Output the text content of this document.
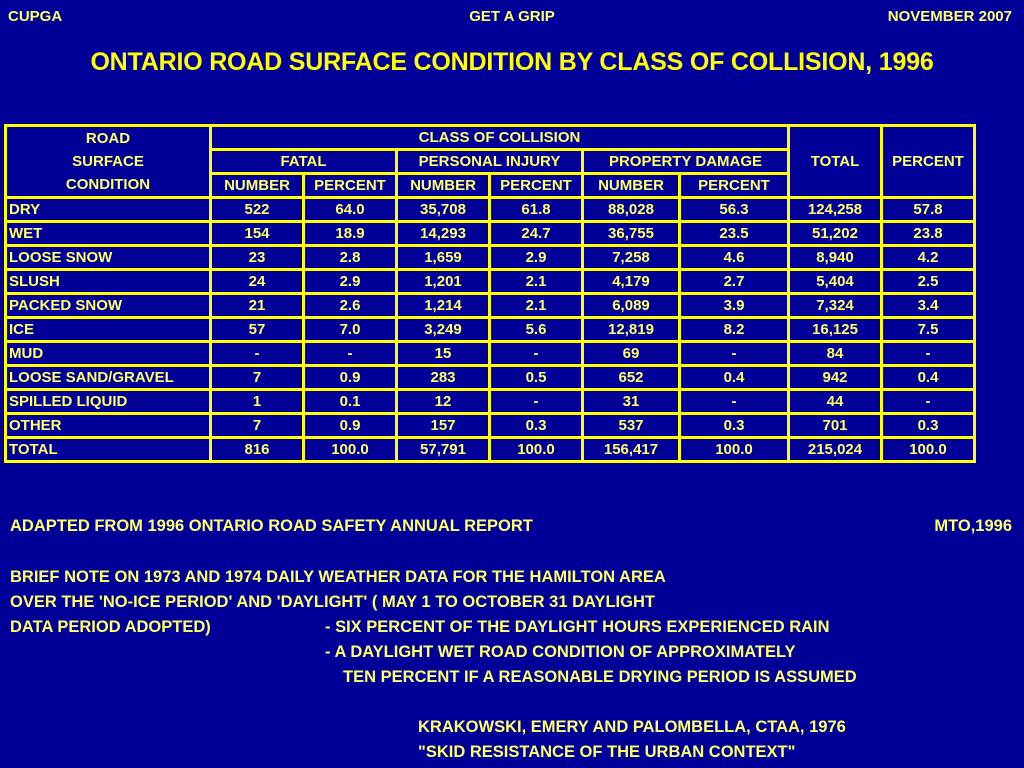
CUPGA	GET A GRIP	NOVEMBER 2007
ONTARIO ROAD SURFACE CONDITION BY CLASS OF COLLISION, 1996
ROAD
SURFACE
CONDITION	CLASS OF COLLISION						TOTAL	PERCENT
	FATAL		PERSONAL INJURY		PROPERTY DAMAGE			
	NUMBER	PERCENT	NUMBER	PERCENT	NUMBER	PERCENT		
DRY	522	64.0	35,708	61.8	88,028	56.3	124,258	57.8
WET	154	18.9	14,293	24.7	36,755	23.5	51,202	23.8
LOOSE SNOW	23	2.8	1,659	2.9	7,258	4.6	8,940	4.2
SLUSH	24	2.9	1,201	2.1	4,179	2.7	5,404	2.5
PACKED SNOW	21	2.6	1,214	2.1	6,089	3.9	7,324	3.4
ICE	57	7.0	3,249	5.6	12,819	8.2	16,125	7.5
MUD	-	-	15	-	69	-	84	-
LOOSE SAND/GRAVEL	7	0.9	283	0.5	652	0.4	942	0.4
SPILLED LIQUID	1	0.1	12	-	31	-	44	-
OTHER	7	0.9	157	0.3	537	0.3	701	0.3
TOTAL	816	100.0	57,791	100.0	156,417	100.0	215,024	100.0
ADAPTED FROM 1996 ONTARIO ROAD SAFETY ANNUAL REPORT	MTO,1996
BRIEF NOTE ON 1973 AND 1974 DAILY WEATHER DATA FOR THE HAMILTON AREA
OVER THE 'NO-ICE PERIOD' AND 'DAYLIGHT' ( MAY 1 TO OCTOBER 31 DAYLIGHT
DATA PERIOD ADOPTED)	- SIX PERCENT OF THE DAYLIGHT HOURS EXPERIENCED RAIN
- A DAYLIGHT WET ROAD CONDITION OF APPROXIMATELY
TEN PERCENT IF A REASONABLE DRYING PERIOD IS ASSUMED
KRAKOWSKI, EMERY AND PALOMBELLA, CTAA, 1976
"SKID RESISTANCE OF THE URBAN CONTEXT"
